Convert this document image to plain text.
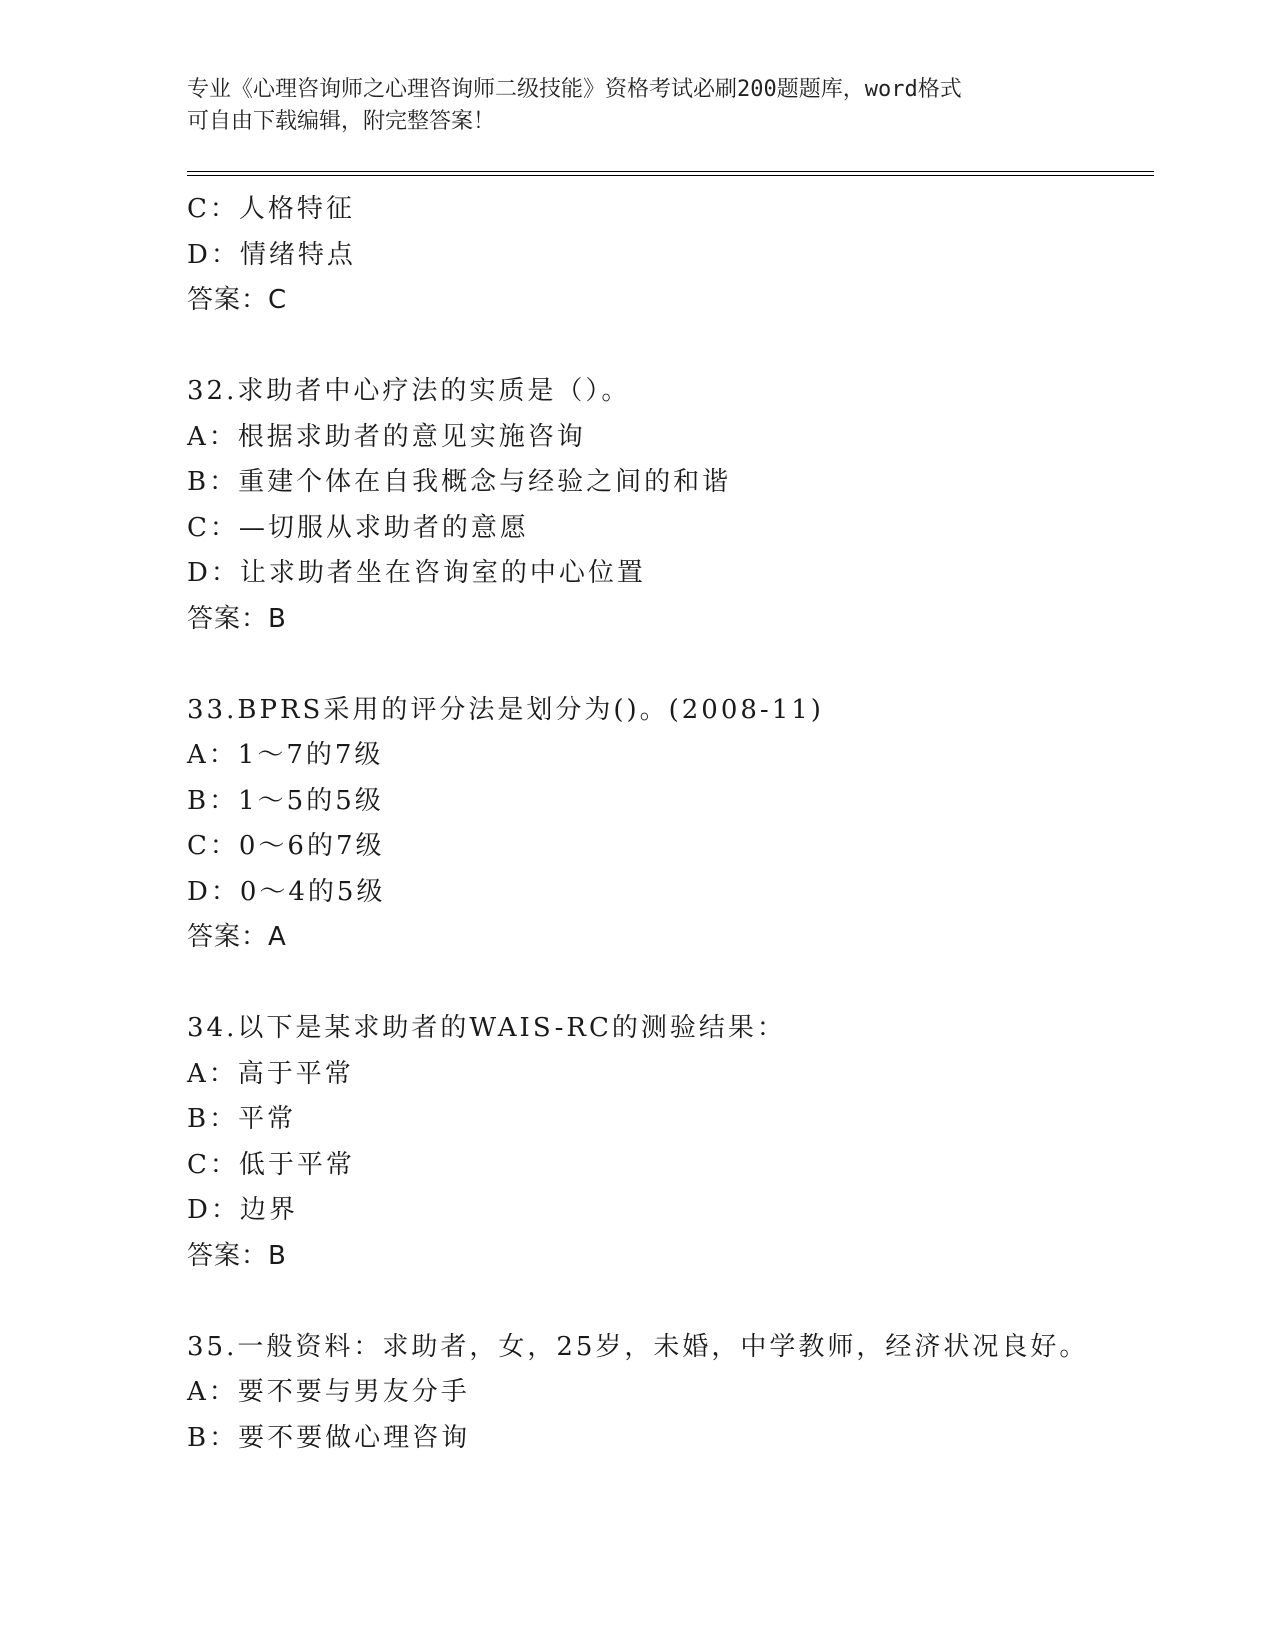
专业《心理咨询师之心理咨询师二级技能》资格考试必刷200题题库，word格式
可自由下载编辑，附完整答案！
C：人格特征
D：情绪特点
答案：C
32.求助者中心疗法的实质是（）。
A：根据求助者的意见实施咨询
B：重建个体在自我概念与经验之间的和谐
C：—切服从求助者的意愿
D：让求助者坐在咨询室的中心位置
答案：B
33.BPRS采用的评分法是划分为()。(2008-11)
A：1～7的7级
B：1～5的5级
C：0～6的7级
D：0～4的5级
答案：A
34.以下是某求助者的WAIS-RC的测验结果：
A：高于平常
B：平常
C：低于平常
D：边界
答案：B
35.一般资料：求助者，女，25岁，未婚，中学教师，经济状况良好。
A：要不要与男友分手
B：要不要做心理咨询
